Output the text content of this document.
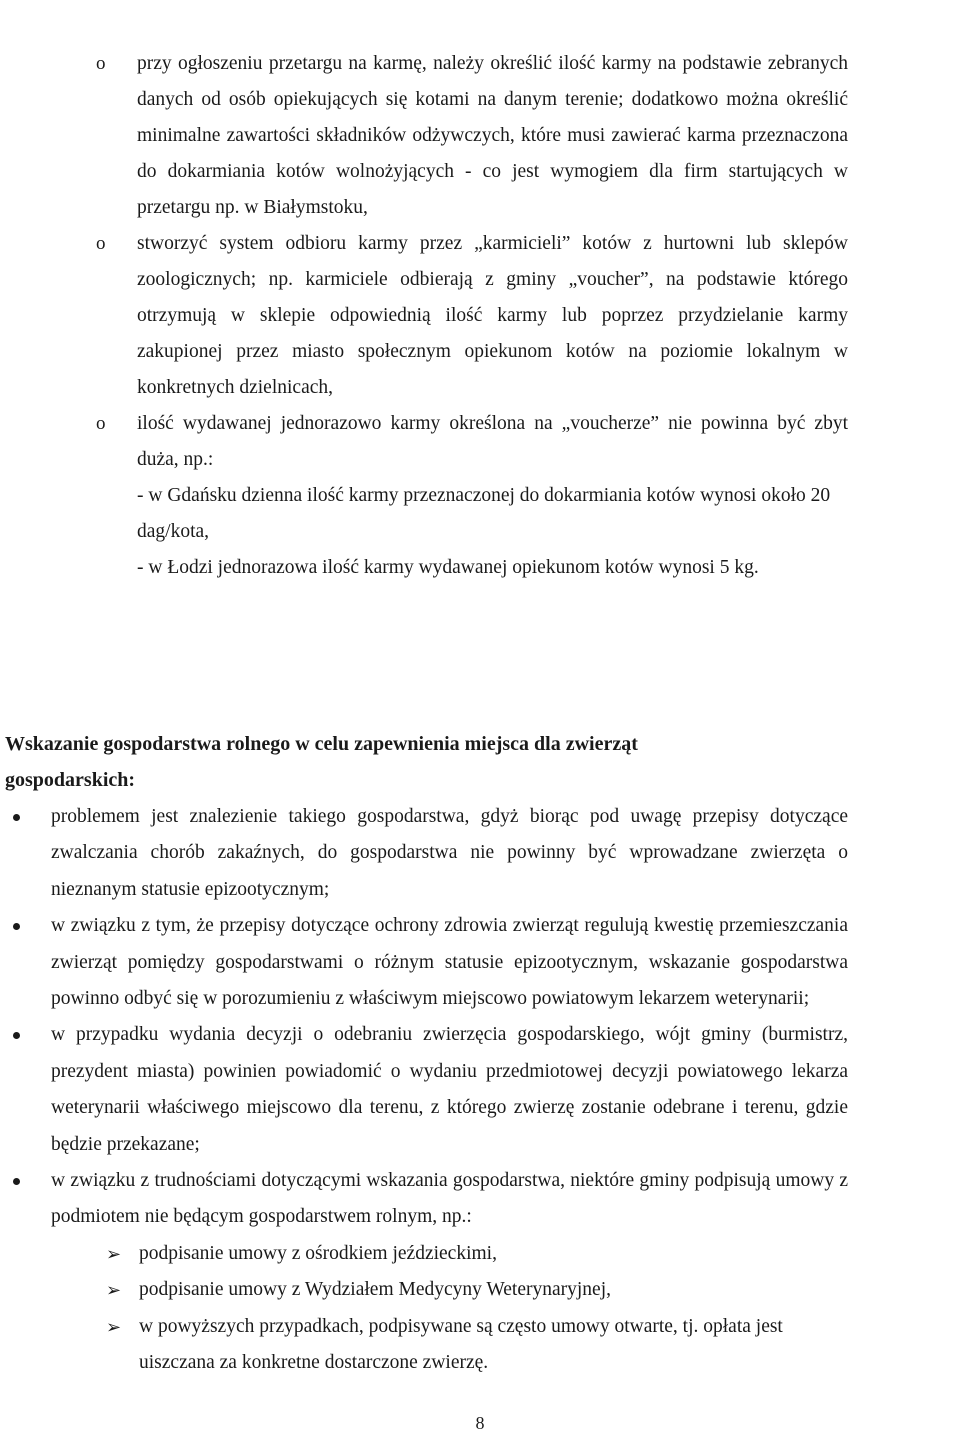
o przy ogłoszeniu przetargu na karmę, należy określić ilość karmy na podstawie zebranych danych od osób opiekujących się kotami na danym terenie; dodatkowo można określić minimalne zawartości składników odżywczych, które musi zawierać karma przeznaczona do dokarmiania kotów wolnożyjących - co jest wymogiem dla firm startujących w przetargu np. w Białymstoku,
o stworzyć system odbioru karmy przez „karmicieli” kotów z hurtowni lub sklepów zoologicznych; np. karmiciele odbierają z gminy „voucher”, na podstawie którego otrzymują w sklepie odpowiednią ilość karmy lub poprzez przydzielanie karmy zakupionej przez miasto społecznym opiekunom kotów na poziomie lokalnym w konkretnych dzielnicach,
o ilość wydawanej jednorazowo karmy określona na „voucherze” nie powinna być zbyt duża, np.:
- w Gdańsku dzienna ilość karmy przeznaczonej do dokarmiania kotów wynosi około 20 dag/kota,
- w Łodzi jednorazowa ilość karmy wydawanej opiekunom kotów wynosi 5 kg.
Wskazanie gospodarstwa rolnego w celu zapewnienia miejsca dla zwierząt
gospodarskich:
problemem jest znalezienie takiego gospodarstwa, gdyż biorąc pod uwagę przepisy dotyczące zwalczania chorób zakaźnych, do gospodarstwa nie powinny być wprowadzane zwierzęta o nieznanym statusie epizootycznym;
w związku z tym, że przepisy dotyczące ochrony zdrowia zwierząt regulują kwestię przemieszczania zwierząt pomiędzy gospodarstwami o różnym statusie epizootycznym, wskazanie gospodarstwa powinno odbyć się w porozumieniu z właściwym miejscowo powiatowym lekarzem weterynarii;
w przypadku wydania decyzji o odebraniu zwierzęcia gospodarskiego, wójt gminy (burmistrz, prezydent miasta) powinien powiadomić o wydaniu przedmiotowej decyzji powiatowego lekarza weterynarii właściwego miejscowo dla terenu, z którego zwierzę zostanie odebrane i terenu, gdzie będzie przekazane;
w związku z trudnościami dotyczącymi wskazania gospodarstwa, niektóre gminy podpisują umowy z podmiotem nie będącym gospodarstwem rolnym, np.:
➢ podpisanie umowy z ośrodkiem jeździeckimi,
➢ podpisanie umowy z Wydziałem Medycyny Weterynaryjnej,
➢ w powyższych przypadkach, podpisywane są często umowy otwarte, tj. opłata jest uiszczana za konkretne dostarczone zwierzę.
8
